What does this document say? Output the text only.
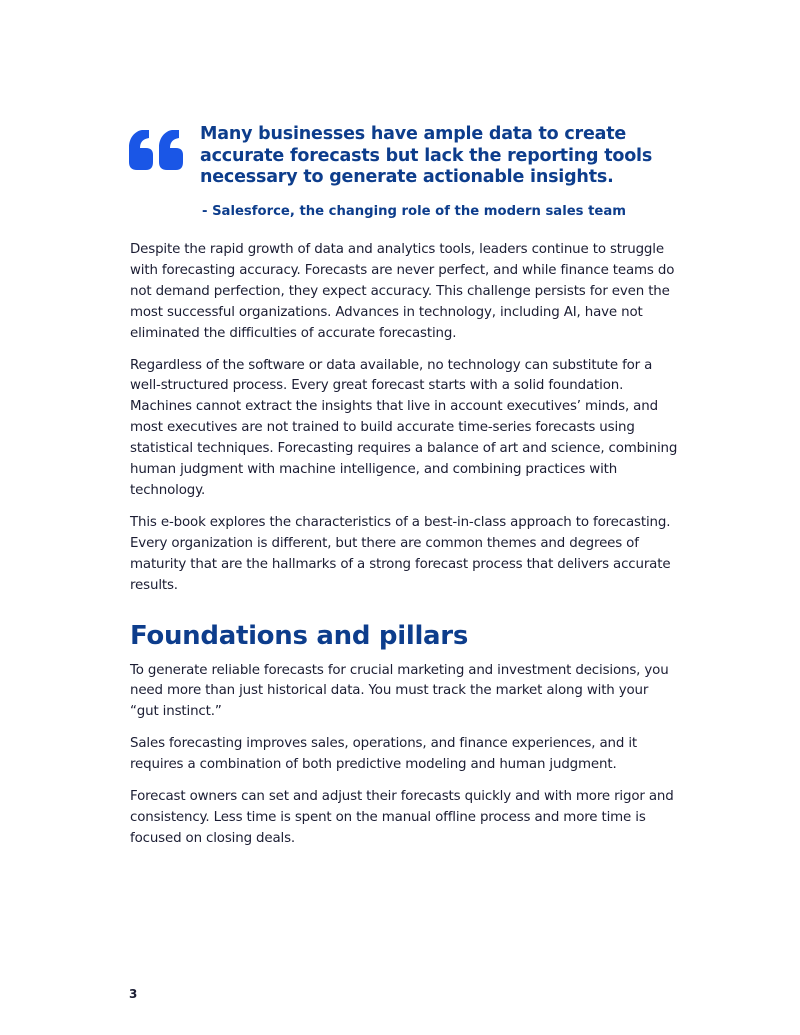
Many businesses have ample data to create accurate forecasts but lack the reporting tools necessary to generate actionable insights.

- Salesforce, the changing role of the modern sales team

Despite the rapid growth of data and analytics tools, leaders continue to struggle with forecasting accuracy. Forecasts are never perfect, and while finance teams do not demand perfection, they expect accuracy. This challenge persists for even the most successful organizations. Advances in technology, including AI, have not eliminated the difficulties of accurate forecasting.

Regardless of the software or data available, no technology can substitute for a well-structured process. Every great forecast starts with a solid foundation. Machines cannot extract the insights that live in account executives’ minds, and most executives are not trained to build accurate time-series forecasts using statistical techniques. Forecasting requires a balance of art and science, combining human judgment with machine intelligence, and combining practices with technology.

This e-book explores the characteristics of a best-in-class approach to forecasting. Every organization is different, but there are common themes and degrees of maturity that are the hallmarks of a strong forecast process that delivers accurate results.

Foundations and pillars

To generate reliable forecasts for crucial marketing and investment decisions, you need more than just historical data. You must track the market along with your “gut instinct.”

Sales forecasting improves sales, operations, and finance experiences, and it requires a combination of both predictive modeling and human judgment.

Forecast owners can set and adjust their forecasts quickly and with more rigor and consistency. Less time is spent on the manual offline process and more time is focused on closing deals.

3
